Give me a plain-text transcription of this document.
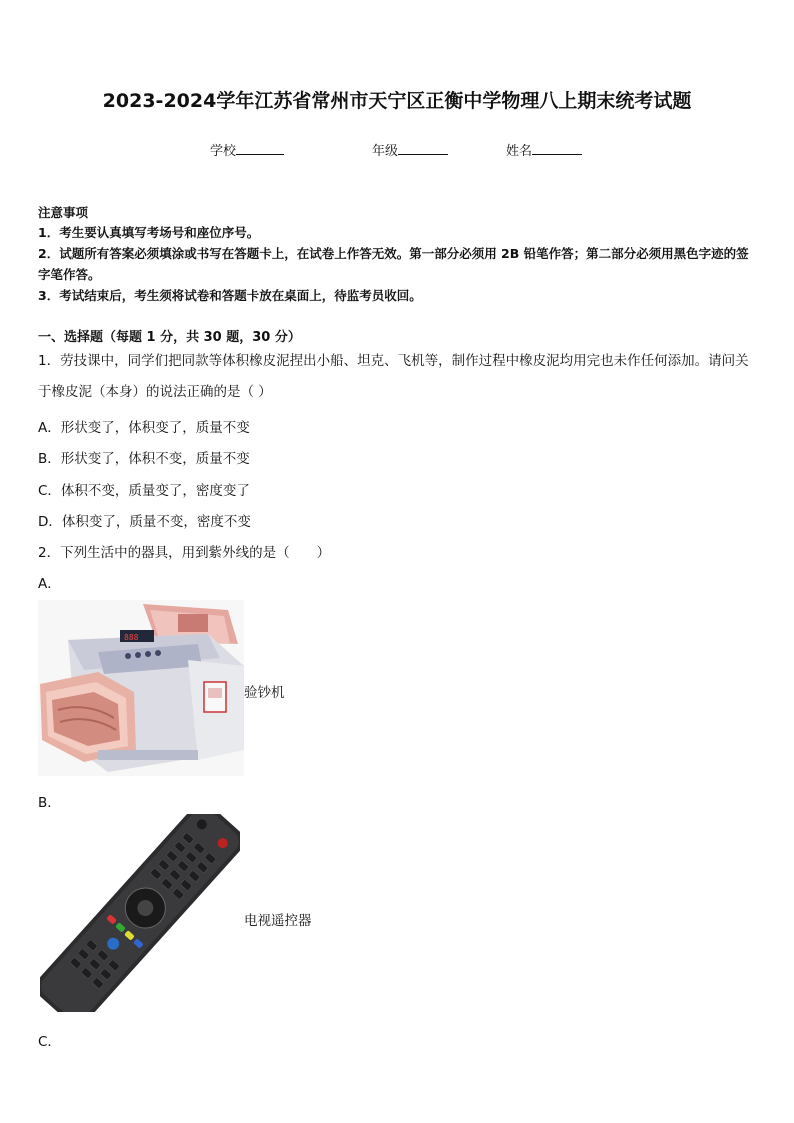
2023-2024学年江苏省常州市天宁区正衡中学物理八上期末统考试题
学校	年级	姓名
注意事项
1．考生要认真填写考场号和座位序号。
2．试题所有答案必须填涂或书写在答题卡上，在试卷上作答无效。第一部分必须用 2B 铅笔作答；第二部分必须用黑色字迹的签字笔作答。
3．考试结束后，考生须将试卷和答题卡放在桌面上，待监考员收回。
一、选择题（每题 1 分，共 30 题，30 分）
1．劳技课中，同学们把同款等体积橡皮泥捏出小船、坦克、飞机等，制作过程中橡皮泥均用完也未作任何添加。请问关于橡皮泥（本身）的说法正确的是（ ）
A．形状变了，体积变了，质量不变
B．形状变了，体积不变，质量不变
C．体积不变，质量变了，密度变了
D．体积变了，质量不变，密度不变
2．下列生活中的器具，用到紫外线的是（　　）
A．
888
验钞机
B．
电视遥控器
C．
